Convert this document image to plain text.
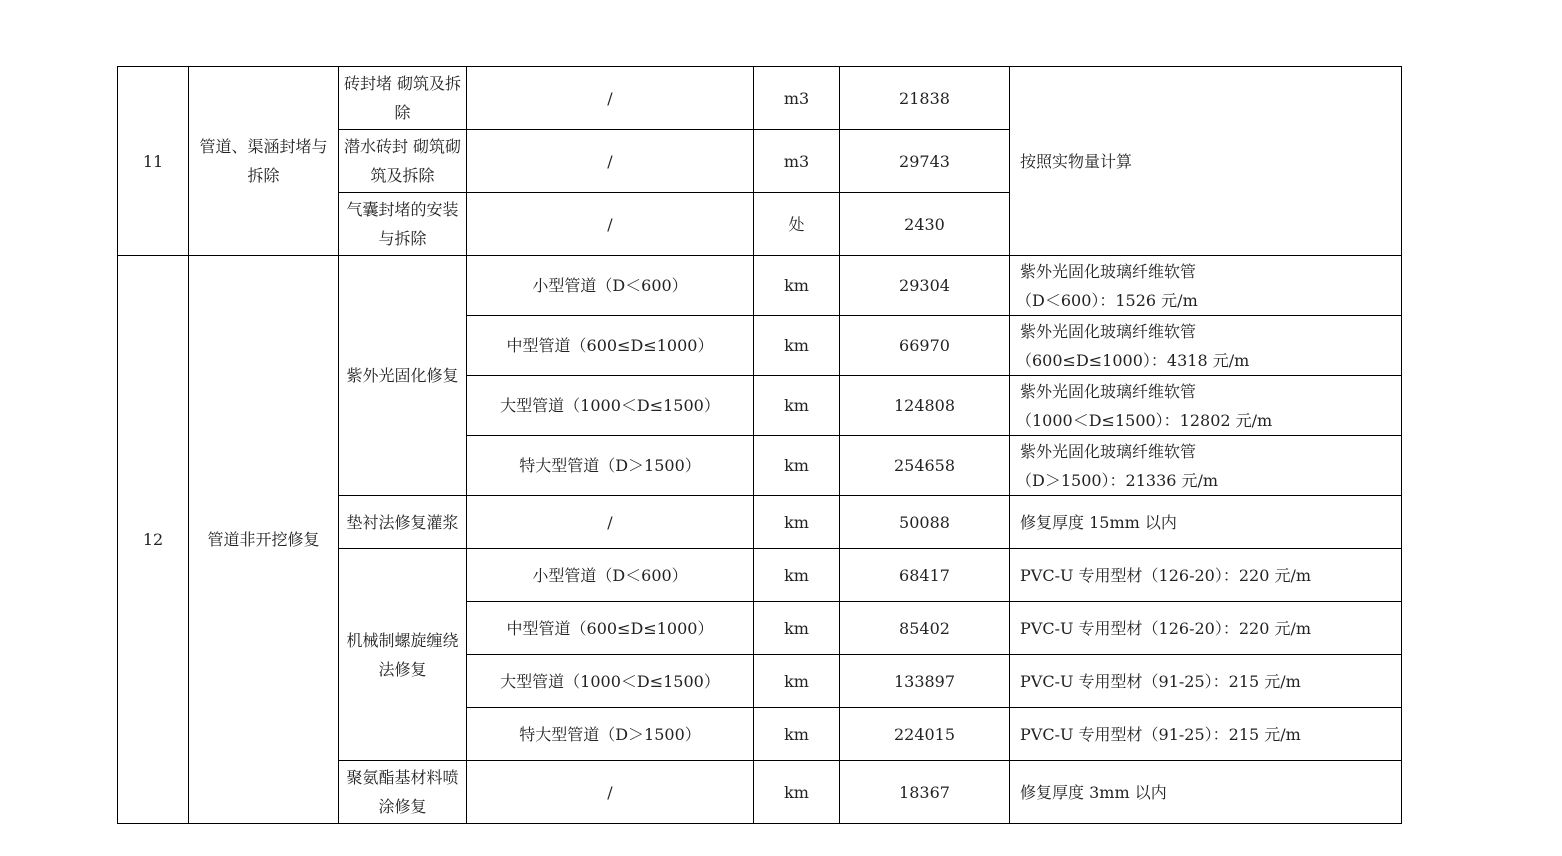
11	管道、渠涵封堵与拆除	砖封堵 砌筑及拆除	/	m3	21838	按照实物量计算
		潜水砖封 砌筑砌筑及拆除	/	m3	29743	
		气囊封堵的安装与拆除	/	处	2430	
12	管道非开挖修复	紫外光固化修复	小型管道（D＜600）	km	29304	紫外光固化玻璃纤维软管
（D＜600）：1526 元/m

			中型管道（600≤D≤1000）	km	66970	紫外光固化玻璃纤维软管
（600≤D≤1000）：4318 元/m

			大型管道（1000＜D≤1500）	km	124808	紫外光固化玻璃纤维软管
（1000＜D≤1500）：12802 元/m

			特大型管道（D＞1500）	km	254658	紫外光固化玻璃纤维软管
（D＞1500）：21336 元/m

		垫衬法修复灌浆	/	km	50088	修复厚度 15mm 以内
		机械制螺旋缠绕法修复	小型管道（D＜600）	km	68417	PVC-U 专用型材（126-20）：220 元/m
			中型管道（600≤D≤1000）	km	85402	PVC-U 专用型材（126-20）：220 元/m
			大型管道（1000＜D≤1500）	km	133897	PVC-U 专用型材（91-25）：215 元/m
			特大型管道（D＞1500）	km	224015	PVC-U 专用型材（91-25）：215 元/m
		聚氨酯基材料喷涂修复	/	km	18367	修复厚度 3mm 以内
